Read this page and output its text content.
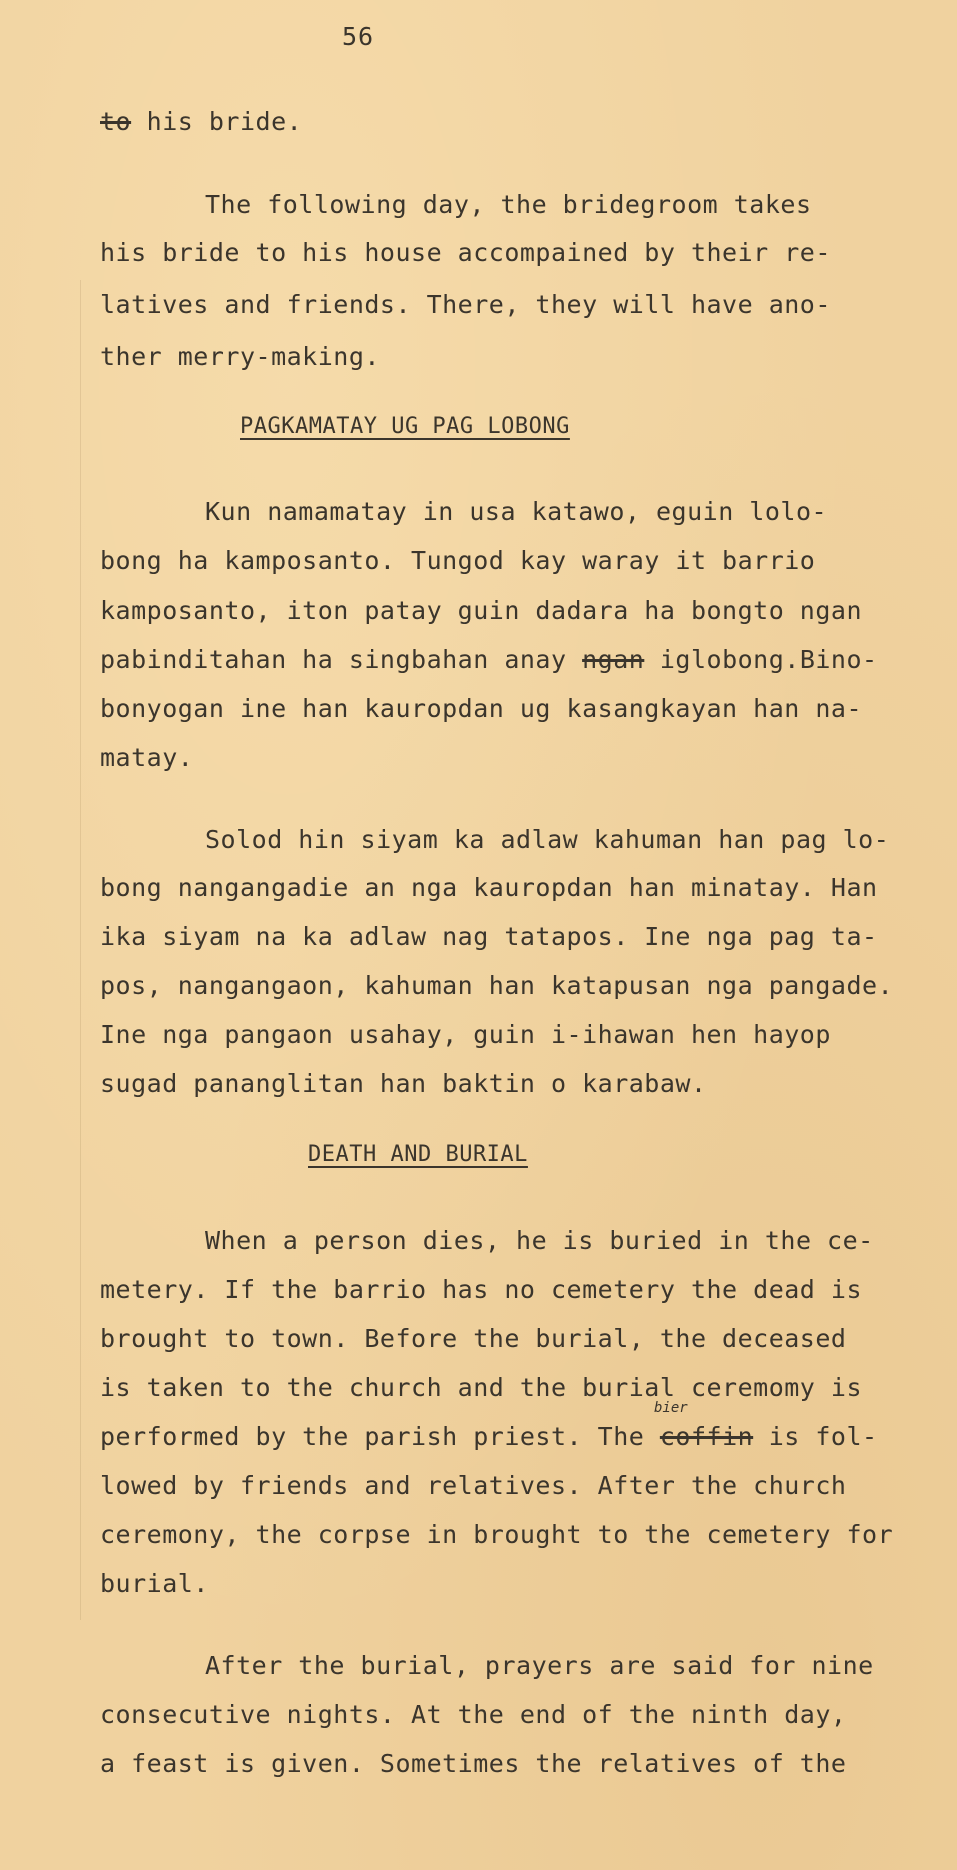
56
to his bride.
The following day, the bridegroom takes
his bride to his house accompained by their re-
latives and friends. There, they will have ano-
ther merry-making.
PAGKAMATAY UG PAG LOBONG
Kun namamatay in usa katawo, eguin lolo-
bong ha kamposanto. Tungod kay waray it barrio
kamposanto, iton patay guin dadara ha bongto ngan
pabinditahan ha singbahan anay ngan iglobong.Bino-
bonyogan ine han kauropdan ug kasangkayan han na-
matay.
Solod hin siyam ka adlaw kahuman han pag lo-
bong nangangadie an nga kauropdan han minatay. Han
ika siyam na ka adlaw nag tatapos. Ine nga pag ta-
pos, nangangaon, kahuman han katapusan nga pangade.
Ine nga pangaon usahay, guin i-ihawan hen hayop
sugad pananglitan han baktin o karabaw.
DEATH AND BURIAL
When a person dies, he is buried in the ce-
metery. If the barrio has no cemetery the dead is
brought to town. Before the burial, the deceased
is taken to the church and the burial ceremomy is
bier
performed by the parish priest. The coffin is fol-
lowed by friends and relatives. After the church
ceremony, the corpse in brought to the cemetery for
burial.
After the burial, prayers are said for nine
consecutive nights. At the end of the ninth day,
a feast is given. Sometimes the relatives of the
